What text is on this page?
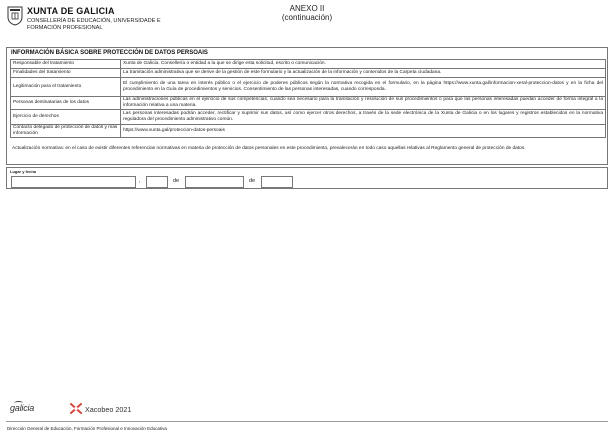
XUNTA DE GALICIA
CONSELLERÍA DE EDUCACIÓN, UNIVERSIDADE E FORMACIÓN PROFESIONAL
ANEXO II
(continuación)
INFORMACIÓN BÁSICA SOBRE PROTECCIÓN DE DATOS PERSOAIS
Responsable del tratamiento	Xunta de Galicia. Consellería o entidad a la que se dirige esta solicitud, escrito o comunicación.
Finalidades del tratamiento	La tramitación administrativa que se derive de la gestión de este formulario y la actualización de la información y contenidos de la Carpeta ciudadana.
Legitimación para el tratamiento	El cumplimiento de una tarea en interés público o el ejercicio de poderes públicos según la normativa recogida en el formulario, en la página https://www.xunta.gal/informacion-xeral-proteccion-datos y en la ficha del procedimiento en la Guía de procedimientos y servicios. Consentimiento de las personas interesadas, cuando corresponda.
Personas destinatarias de los datos	Las administraciones públicas en el ejercicio de sus competencias, cuando sea necesario para la tramitación y resolución de sus procedimientos o para que las personas interesadas puedan acceder de forma integral a la información relativa a una materia.
Ejercicio de derechos	Las personas interesadas podrán acceder, rectificar y suprimir sus datos, así como ejercer otros derechos, a través de la sede electrónica de la Xunta de Galicia o en los lugares y registros establecidos en la normativa reguladora del procedimiento administrativo común.
Contacto delegado de protección de datos y más información	https://www.xunta.gal/proteccion-datos-persoais
Actualización normativa: en el caso de existir diferentes referencias normativas en materia de protección de datos personales en este procedimiento, prevalecerán en todo caso aquellas relativas al Reglamento general de protección de datos.
Lugar y fecha
,	de	de
galicia	Xacobeo 2021
Dirección General de Educación, Formación Profesional e Innovación Educativa
